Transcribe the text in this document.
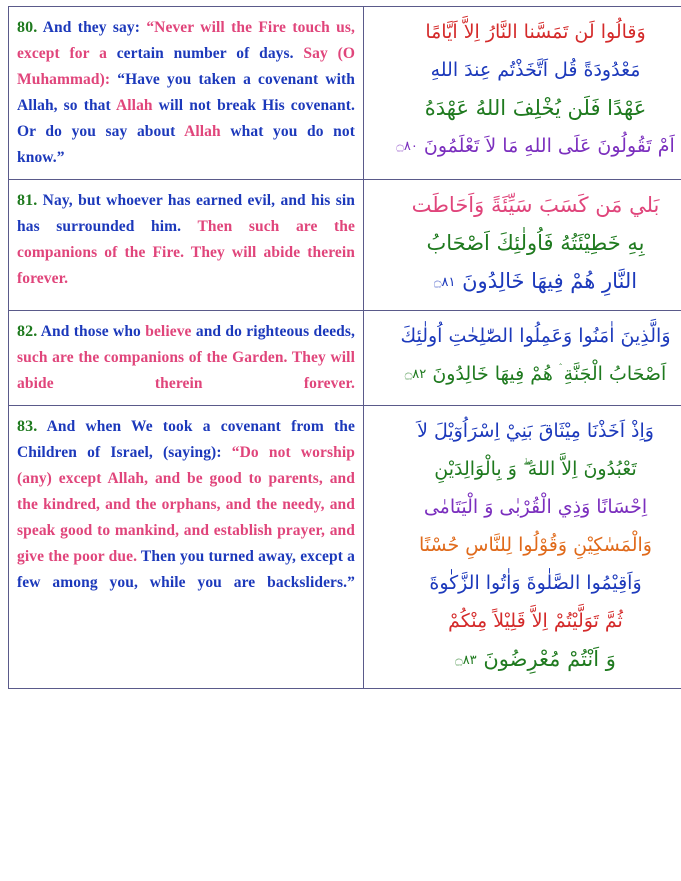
80. And they say: “Never will the Fire touch us, except for a certain number of days. Say (O Muhammad): “Have you taken a covenant with Allah, so that Allah will not break His covenant. Or do you say about Allah what you do not know.”

وَقالُوا لَن تَمَسَّنا النَّارُ اِلاَّ اَيَّامًا
مَعْدُودَةً قُل اَتَّخَذْتُم عِندَ اللهِ
عَهْدًا فَلَن يُخْلِفَ اللهُ عَهْدَهُ
اَمْ تَقُولُونَ عَلَى اللهِ مَا لاَ تَعْلَمُونَ ۝٨٠

81. Nay, but whoever has earned evil, and his sin has surrounded him. Then such are the companions of the Fire. They will abide therein forever.	بَلي مَن كَسَبَ سَيِّئَةً وَاَحَاطَت
بِهِ خَطِيْئَتُهُ فَاُولٰئِكَ اَصْحَابُ
النَّارِ هُمْ فِيهَا خَالِدُونَ ۝٨١

82. And those who believe and do righteous deeds, such are the companions of the Garden. They will abide therein forever.	وَالَّذِينَ اٰمَنُوا وَعَمِلُوا الصّٰلِحٰتِ اُولٰئِكَ
اَصْحَابُ الْجَنَّةِ ۛ هُمْ فِيهَا خَالِدُونَ ۝٨٢

83. And when We took a covenant from the Children of Israel, (saying): “Do not worship (any) except Allah, and be good to parents, and the kindred, and the orphans, and the needy, and speak good to mankind, and establish prayer, and give the poor due. Then you turned away, except a few among you, while you are backsliders.”

وَاِذْ اَخَذْنَا مِيْثَاقَ بَنِيْ اِسْرَاُوٓيْلَ لاَ
تَعْبُدُونَ اِلاَّ اللهَ ۖ وَ بِالْوَالِدَيْنِ
اِحْسَانًا وَذِي الْقُرْبٰى وَ الْيَتَامٰى
وَالْمَسٰكِيْنِ وَقُوْلُوا لِلنَّاسِ حُسْنًا
وَاَقِيْمُوا الصَّلٰوةَ وَاٰتُوا الزَّكٰوةَ
ثُمَّ تَوَلَّيْتُمْ اِلاَّ قَلِيْلاً مِنْكُمْ
وَ اَنْتُمْ مُعْرِضُونَ ۝٨٣
